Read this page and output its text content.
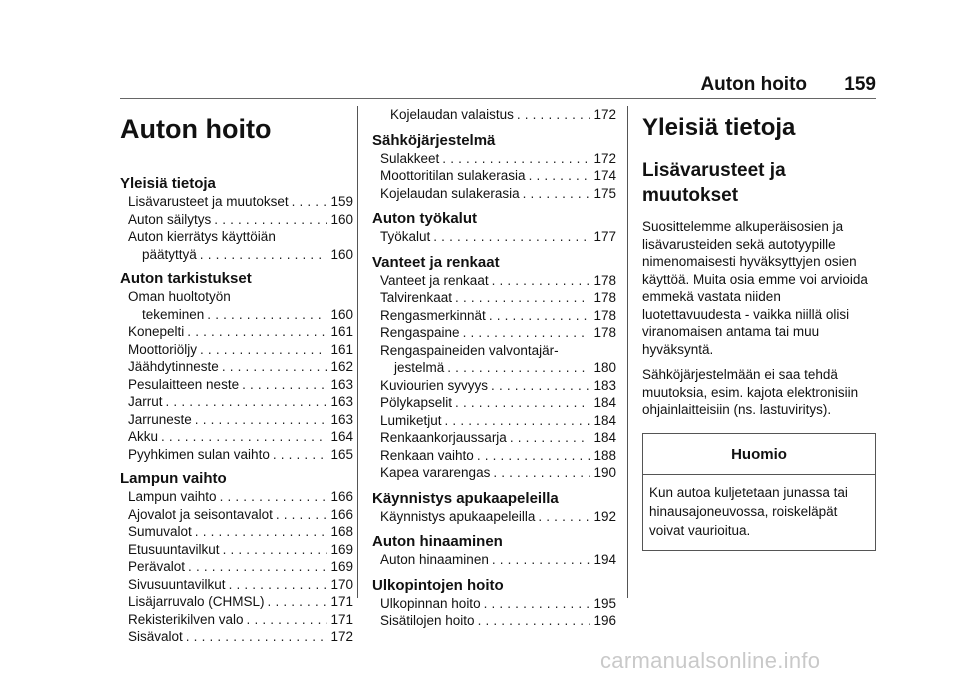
Auton hoito 159
Auton hoito
Yleisiä tietoja
Lisävarusteet ja muutokset . . .	159
Auton säilytys . . .	160
Auton kierrätys käyttöiän
päätyttyä . . .	160
Auton tarkistukset
Oman huoltotyön
tekeminen . . .	160
Konepelti . . .	161
Moottoriöljy . . .	161
Jäähdytinneste . . .	162
Pesulaitteen neste . . .	163
Jarrut . . .	163
Jarruneste . . .	163
Akku . . .	164
Pyyhkimen sulan vaihto . . .	165
Lampun vaihto
Lampun vaihto . . .	166
Ajovalot ja seisontavalot . . .	166
Sumuvalot . . .	168
Etusuuntavilkut . . .	169
Perävalot . . .	169
Sivusuuntavilkut . . .	170
Lisäjarruvalo (CHMSL) . . .	171
Rekisterikilven valo . . .	171
Sisävalot . . .	172
Kojelaudan valaistus . . .	172
Sähköjärjestelmä
Sulakkeet . . .	172
Moottoritilan sulakerasia . . .	174
Kojelaudan sulakerasia . . .	175
Auton työkalut
Työkalut . . .	177
Vanteet ja renkaat
Vanteet ja renkaat . . .	178
Talvirenkaat . . .	178
Rengasmerkinnät . . .	178
Rengaspaine . . .	178
Rengaspaineiden valvontajär-
jestelmä . . .	180
Kuviourien syvyys . . .	183
Pölykapselit . . .	184
Lumiketjut . . .	184
Renkaankorjaussarja . . .	184
Renkaan vaihto . . .	188
Kapea vararengas . . .	190
Käynnistys apukaapeleilla
Käynnistys apukaapeleilla . . .	192
Auton hinaaminen
Auton hinaaminen . . .	194
Ulkopintojen hoito
Ulkopinnan hoito . . .	195
Sisätilojen hoito . . .	196
Yleisiä tietoja
Lisävarusteet ja muutokset

Suosittelemme alkuperäisosien ja lisävarusteiden sekä autotyypille nimenomaisesti hyväksyttyjen osien käyttöä. Muita osia emme voi arvioida emmekä vastata niiden luotettavuudesta - vaikka niillä olisi viranomaisen antama tai muu hyväksyntä.

Sähköjärjestelmään ei saa tehdä muutoksia, esim. kajota elektronisiin ohjainlaitteisiin (ns. lastuviritys).

Huomio
Kun autoa kuljetetaan junassa tai hinausajoneuvossa, roiskeläpät voivat vaurioitua.
carmanualsonline.info
